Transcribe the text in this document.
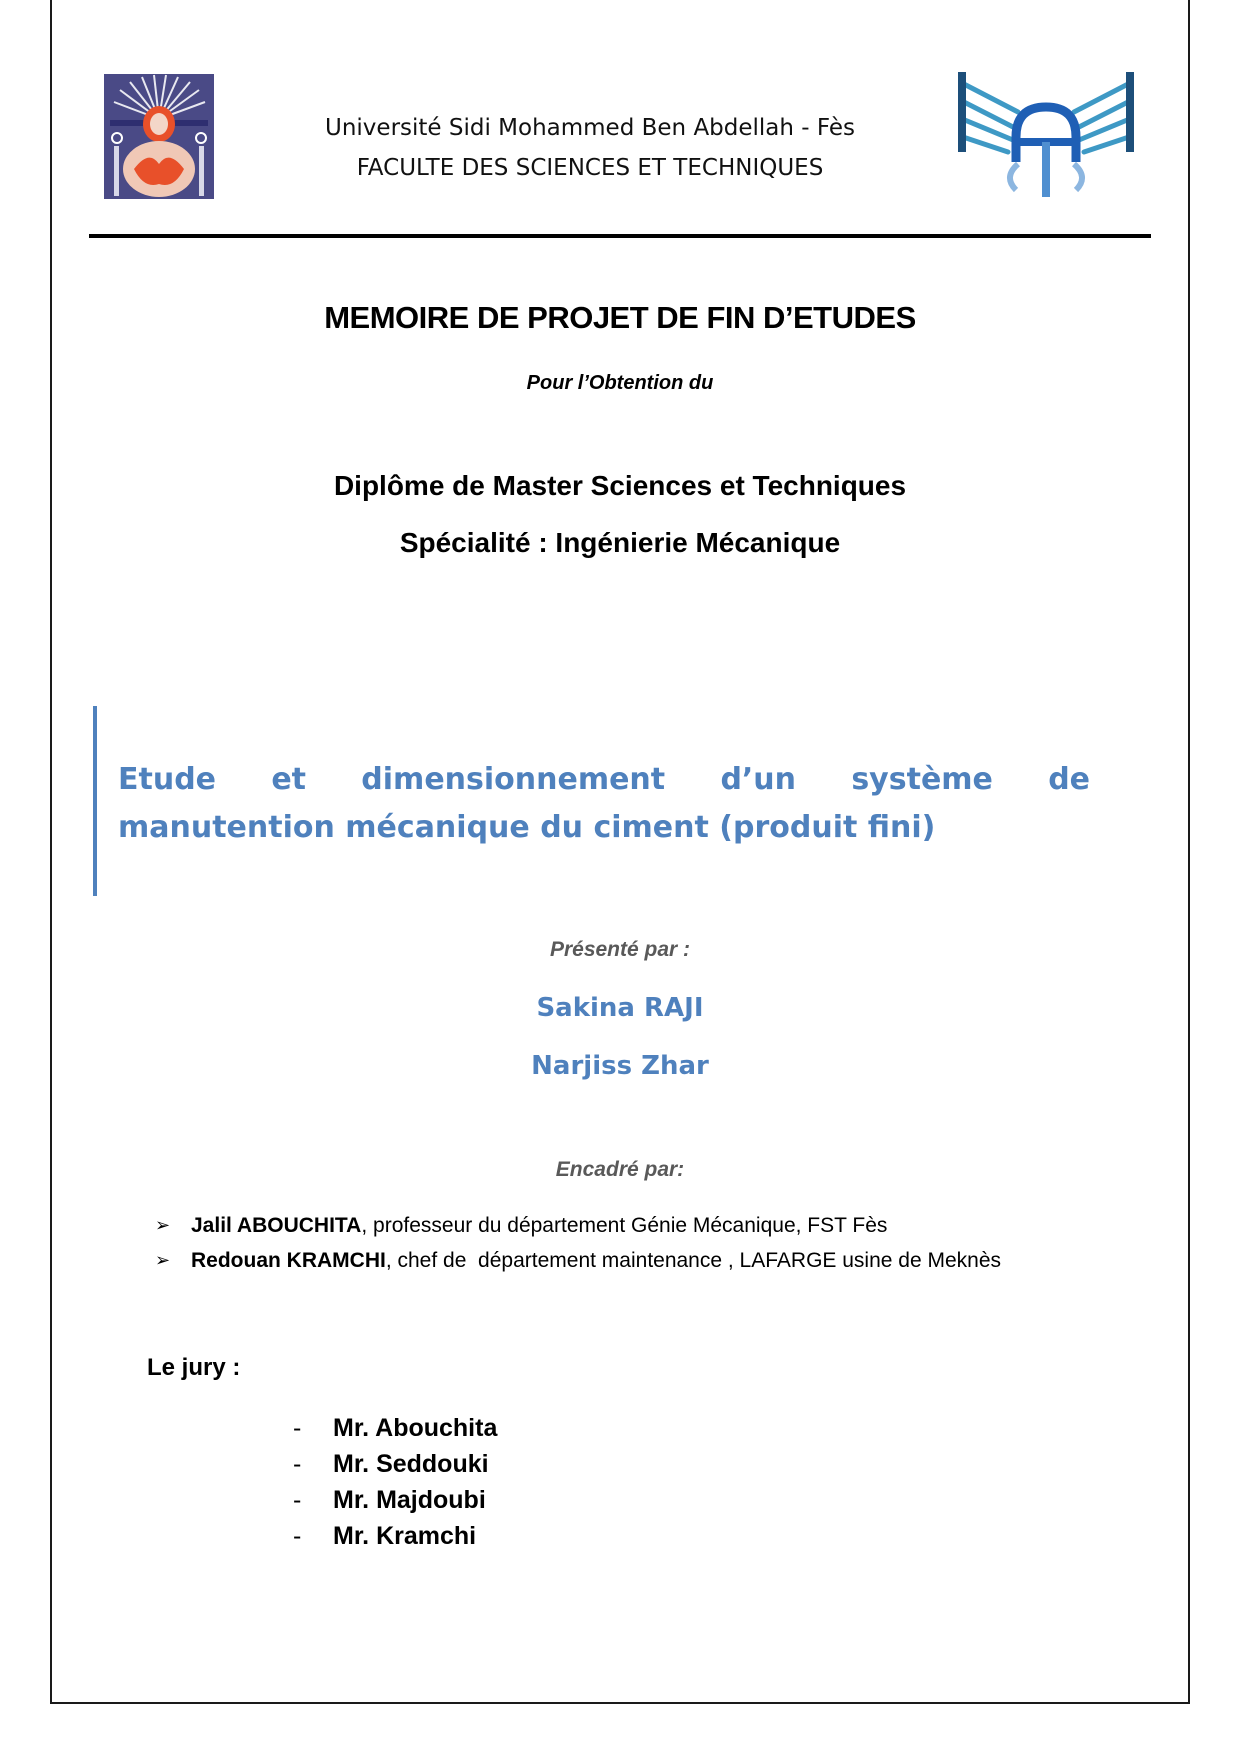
Université Sidi Mohammed Ben Abdellah - Fès
FACULTE DES SCIENCES ET TECHNIQUES
MEMOIRE DE PROJET DE FIN D’ETUDES
Pour l’Obtention du
Diplôme de Master Sciences et Techniques
Spécialité : Ingénierie Mécanique
Etude et dimensionnement d’un système de
manutention mécanique du ciment (produit fini)
Présenté par :
Sakina RAJI
Narjiss Zhar
Encadré par:
➢ Jalil ABOUCHITA , professeur du département Génie Mécanique, FST Fès
➢ Redouan KRAMCHI , chef de  département maintenance , LAFARGE usine de Meknès
Le jury :
-	Mr. Abouchita
-	Mr. Seddouki
-	Mr. Majdoubi
-	Mr. Kramchi
